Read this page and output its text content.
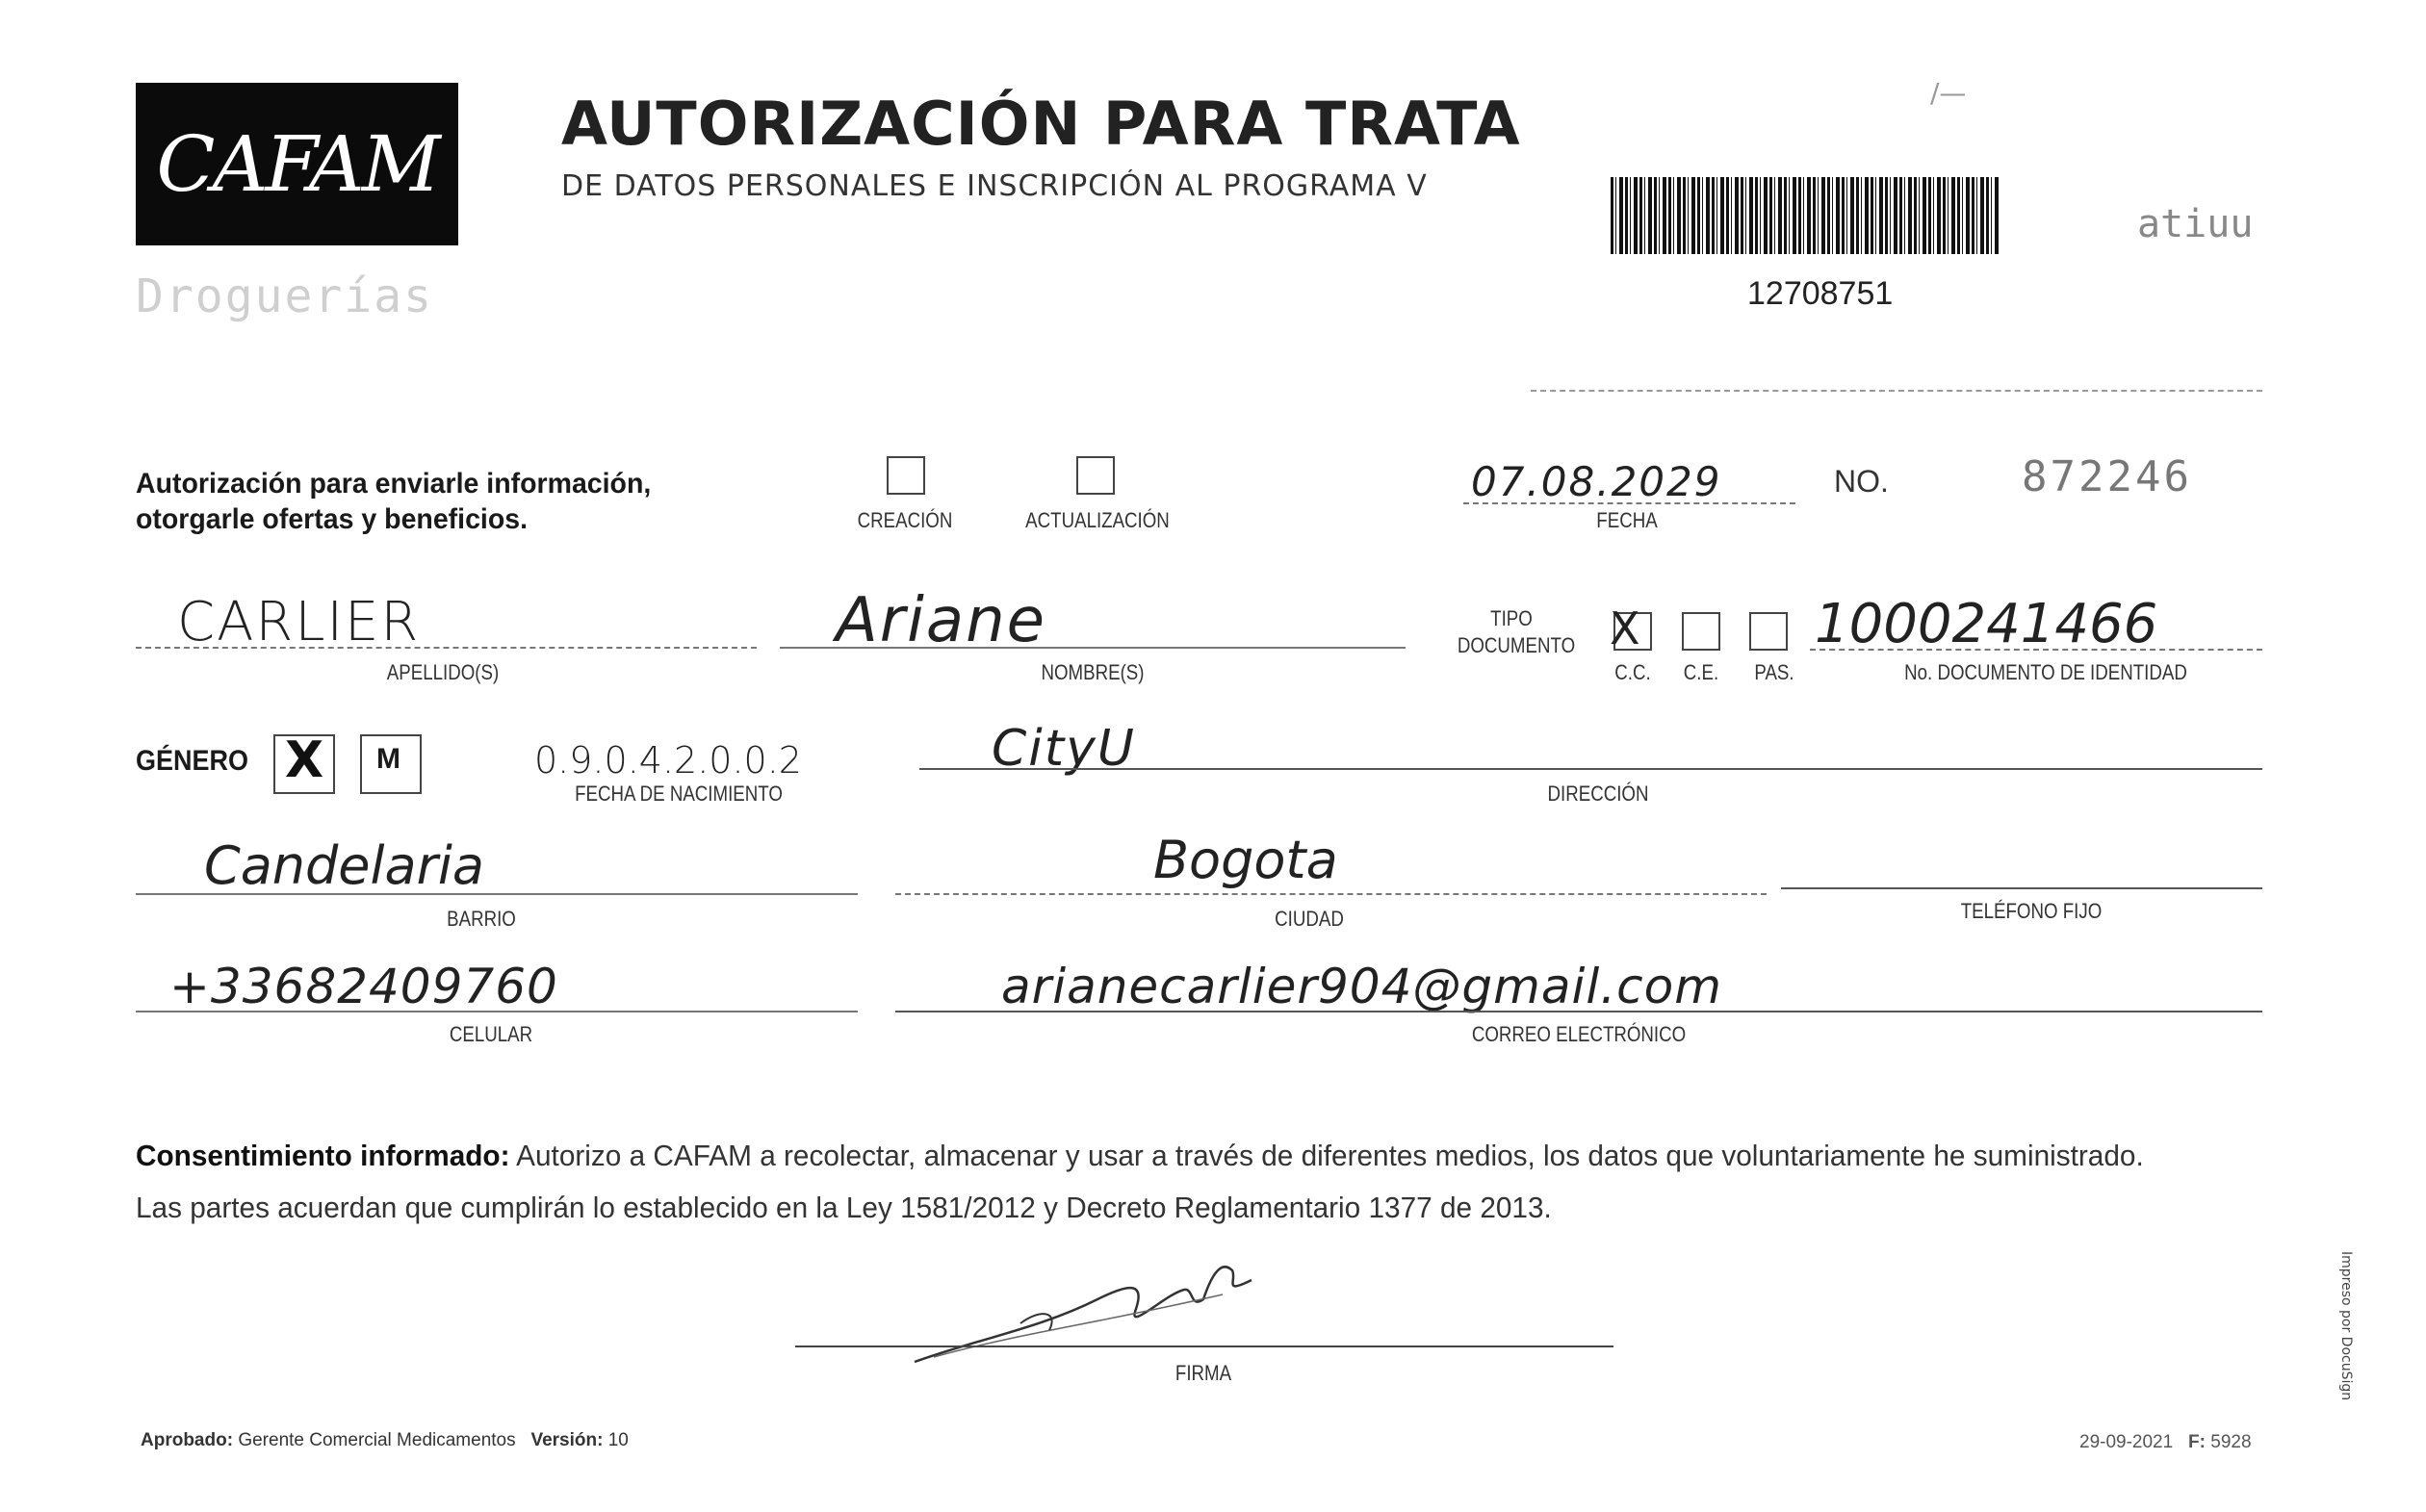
CAFAM
Droguerías
AUTORIZACIÓN PARA TRATA
DE DATOS PERSONALES E INSCRIPCIÓN AL PROGRAMA V
/—
12708751
atiuu
Autorización para enviarle información,
otorgarle ofertas y beneficios.	CREACIÓN	ACTUALIZACIÓN
07.08.2029
FECHA
NO.	872246
CARLIER
APELLIDO(S)
Ariane
NOMBRE(S)
TIPO
DOCUMENTO X
C.C.	C.E.	PAS.
1000241466
No. DOCUMENTO DE IDENTIDAD
GÉNERO X M	0.9.0.4.2.0.0.2
FECHA DE NACIMIENTO
CityU
DIRECCIÓN
Candelaria
BARRIO
Bogota
CIUDAD	TELÉFONO FIJO
+33682409760
CELULAR
arianecarlier904@gmail.com
CORREO ELECTRÓNICO
Consentimiento informado: Autorizo a CAFAM a recolectar, almacenar y usar a través de diferentes medios, los datos que voluntariamente he suministrado.
Las partes acuerdan que cumplirán lo establecido en la Ley 1581/2012 y Decreto Reglamentario 1377 de 2013.
FIRMA
Aprobado: Gerente Comercial Medicamentos Versión: 10	29-09-2021 F: 5928
Impreso por DocuSign
